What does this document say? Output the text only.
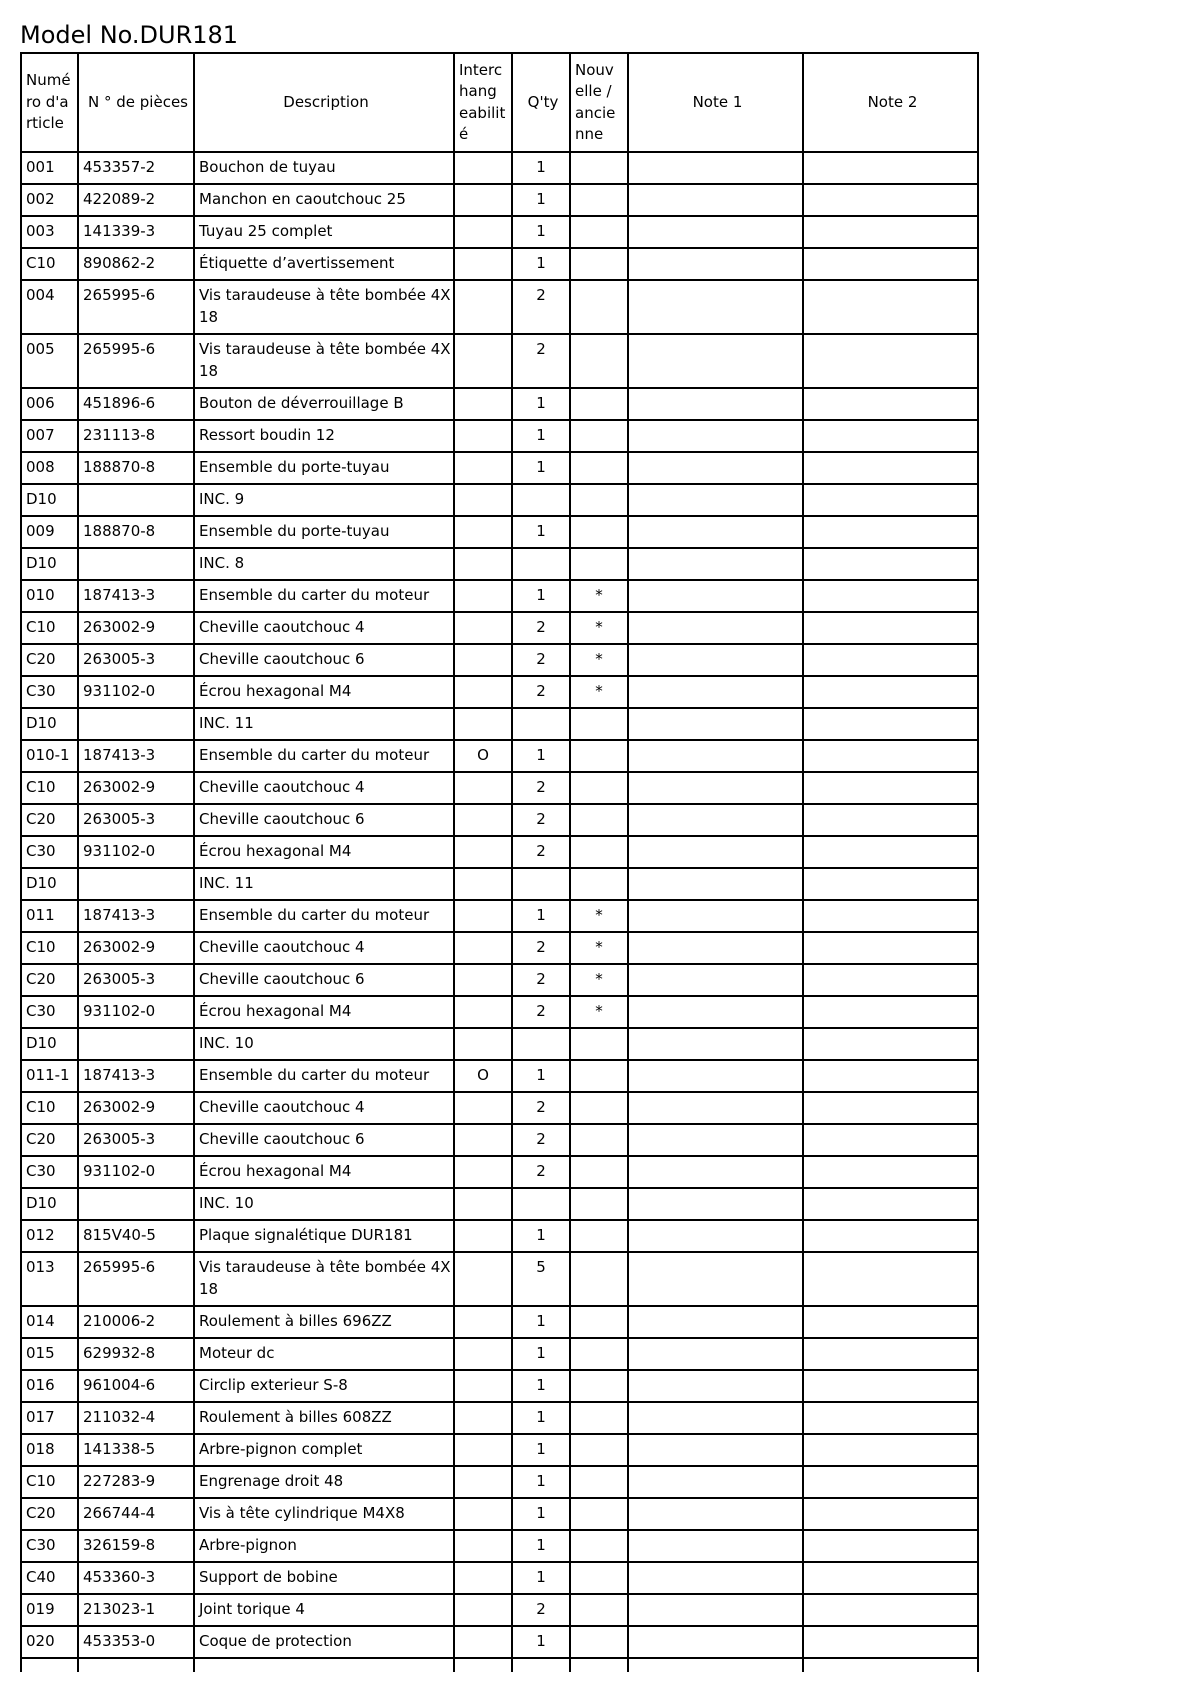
Model No.DUR181
Numé ro d'a rticle	N ° de pièces	Description	Interc hang eabilit é	Q'ty	Nouv elle / ancie nne	Note 1	Note 2
001	453357-2	Bouchon de tuyau		1			
002	422089-2	Manchon en caoutchouc 25		1			
003	141339-3	Tuyau 25 complet		1			
C10	890862-2	Étiquette d’avertissement		1			
004	265995-6	Vis taraudeuse à tête bombée 4X 18		2			
005	265995-6	Vis taraudeuse à tête bombée 4X 18		2			
006	451896-6	Bouton de déverrouillage B		1			
007	231113-8	Ressort boudin 12		1			
008	188870-8	Ensemble du porte-tuyau		1			
D10		INC. 9					
009	188870-8	Ensemble du porte-tuyau		1			
D10		INC. 8					
010	187413-3	Ensemble du carter du moteur		1	*		
C10	263002-9	Cheville caoutchouc 4		2	*		
C20	263005-3	Cheville caoutchouc 6		2	*		
C30	931102-0	Écrou hexagonal M4		2	*		
D10		INC. 11					
010-1	187413-3	Ensemble du carter du moteur	O	1			
C10	263002-9	Cheville caoutchouc 4		2			
C20	263005-3	Cheville caoutchouc 6		2			
C30	931102-0	Écrou hexagonal M4		2			
D10		INC. 11					
011	187413-3	Ensemble du carter du moteur		1	*		
C10	263002-9	Cheville caoutchouc 4		2	*		
C20	263005-3	Cheville caoutchouc 6		2	*		
C30	931102-0	Écrou hexagonal M4		2	*		
D10		INC. 10					
011-1	187413-3	Ensemble du carter du moteur	O	1			
C10	263002-9	Cheville caoutchouc 4		2			
C20	263005-3	Cheville caoutchouc 6		2			
C30	931102-0	Écrou hexagonal M4		2			
D10		INC. 10					
012	815V40-5	Plaque signalétique DUR181		1			
013	265995-6	Vis taraudeuse à tête bombée 4X 18		5			
014	210006-2	Roulement à billes 696ZZ		1			
015	629932-8	Moteur dc		1			
016	961004-6	Circlip exterieur S-8		1			
017	211032-4	Roulement à billes 608ZZ		1			
018	141338-5	Arbre-pignon complet		1			
C10	227283-9	Engrenage droit 48		1			
C20	266744-4	Vis à tête cylindrique M4X8		1			
C30	326159-8	Arbre-pignon		1			
C40	453360-3	Support de bobine		1			
019	213023-1	Joint torique 4		2			
020	453353-0	Coque de protection		1			
